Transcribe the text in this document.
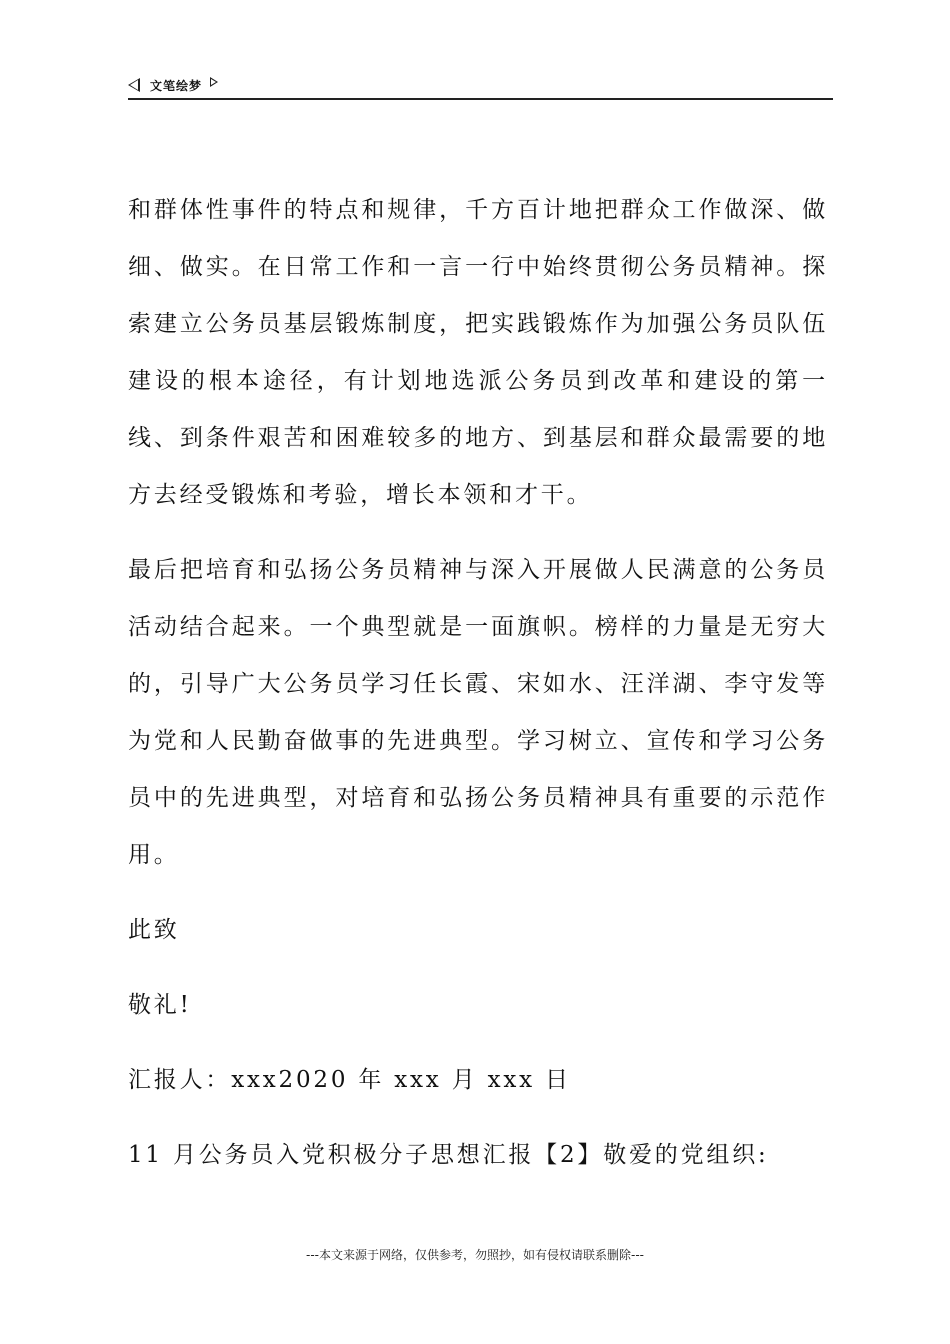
文笔绘梦

和群体性事件的特点和规律，千方百计地把群众工作做深、做细、做实。在日常工作和一言一行中始终贯彻公务员精神。探索建立公务员基层锻炼制度，把实践锻炼作为加强公务员队伍建设的根本途径，有计划地选派公务员到改革和建设的第一线、到条件艰苦和困难较多的地方、到基层和群众最需要的地方去经受锻炼和考验，增长本领和才干。

最后把培育和弘扬公务员精神与深入开展做人民满意的公务员活动结合起来。一个典型就是一面旗帜。榜样的力量是无穷大的，引导广大公务员学习任长霞、宋如水、汪洋湖、李守发等为党和人民勤奋做事的先进典型。学习树立、宣传和学习公务员中的先进典型，对培育和弘扬公务员精神具有重要的示范作用。

此致

敬礼!

汇报人：xxx2020 年 xxx 月 xxx 日

11 月公务员入党积极分子思想汇报【2】敬爱的党组织:

---本文来源于网络，仅供参考，勿照抄，如有侵权请联系删除---
